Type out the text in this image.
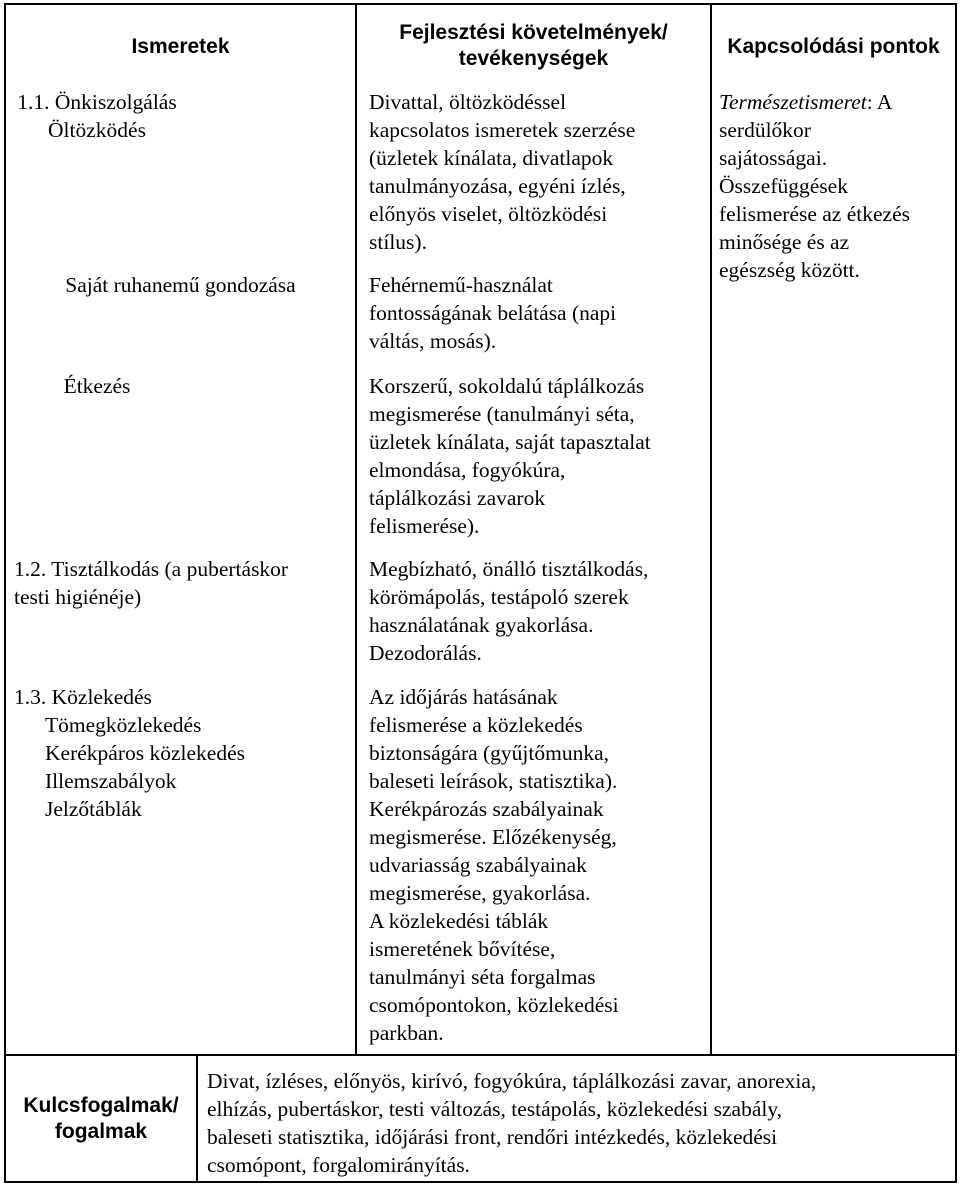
Ismeretek
Fejlesztési követelmények/
tevékenységek
Kapcsolódási pontok
1.1. Önkiszolgálás
Öltözködés
Saját ruhanemű gondozása
Étkezés
1.2. Tisztálkodás (a pubertáskor
testi higiénéje)
1.3. Közlekedés
Tömegközlekedés
Kerékpáros közlekedés
Illemszabályok
Jelzőtáblák
Divattal, öltözködéssel
kapcsolatos ismeretek szerzése
(üzletek kínálata, divatlapok
tanulmányozása, egyéni ízlés,
előnyös viselet, öltözködési
stílus).
Fehérnemű-használat
fontosságának belátása (napi
váltás, mosás).
Korszerű, sokoldalú táplálkozás
megismerése (tanulmányi séta,
üzletek kínálata, saját tapasztalat
elmondása, fogyókúra,
táplálkozási zavarok
felismerése).
Megbízható, önálló tisztálkodás,
körömápolás, testápoló szerek
használatának gyakorlása.
Dezodorálás.
Az időjárás hatásának
felismerése a közlekedés
biztonságára (gyűjtőmunka,
baleseti leírások, statisztika).
Kerékpározás szabályainak
megismerése. Előzékenység,
udvariasság szabályainak
megismerése, gyakorlása.
A közlekedési táblák
ismeretének bővítése,
tanulmányi séta forgalmas
csomópontokon, közlekedési
parkban.
Természetismeret: A
serdülőkor
sajátosságai.
Összefüggések
felismerése az étkezés
minősége és az
egészség között.
Kulcsfogalmak/
fogalmak
Divat, ízléses, előnyös, kirívó, fogyókúra, táplálkozási zavar, anorexia,
elhízás, pubertáskor, testi változás, testápolás, közlekedési szabály,
baleseti statisztika, időjárási front, rendőri intézkedés, közlekedési
csomópont, forgalomirányítás.
